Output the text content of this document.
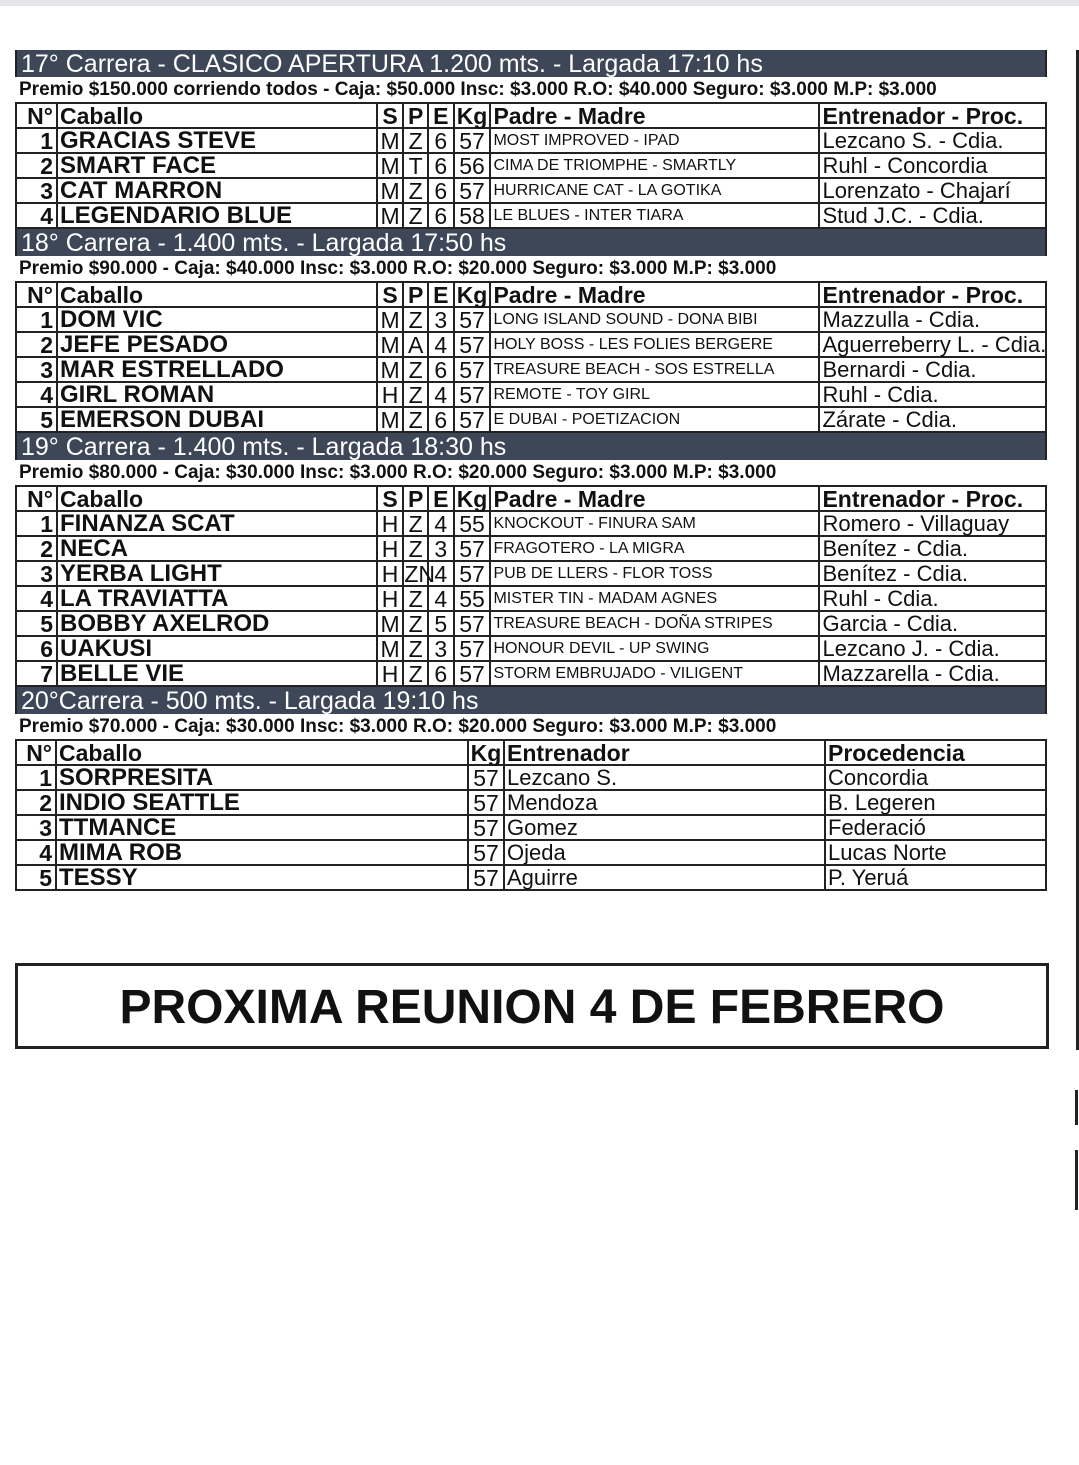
17° Carrera - CLASICO APERTURA 1.200 mts. - Largada 17:10 hs
Premio $150.000 corriendo todos - Caja: $50.000 Insc: $3.000 R.O: $40.000 Seguro: $3.000 M.P: $3.000
N°	Caballo	S	P	E	Kg	Padre - Madre	Entrenador - Proc.
1	GRACIAS STEVE	M	Z	6	57	MOST IMPROVED - IPAD	Lezcano S. - Cdia.
2	SMART FACE	M	T	6	56	CIMA DE TRIOMPHE - SMARTLY	Ruhl - Concordia
3	CAT MARRON	M	Z	6	57	HURRICANE CAT - LA GOTIKA	Lorenzato - Chajarí
4	LEGENDARIO BLUE	M	Z	6	58	LE BLUES - INTER TIARA	Stud J.C. - Cdia.
18° Carrera - 1.400 mts. - Largada 17:50 hs
Premio $90.000 - Caja: $40.000 Insc: $3.000 R.O: $20.000 Seguro: $3.000 M.P: $3.000
N°	Caballo	S	P	E	Kg	Padre - Madre	Entrenador - Proc.
1	DOM VIC	M	Z	3	57	LONG ISLAND SOUND - DONA BIBI	Mazzulla - Cdia.
2	JEFE PESADO	M	A	4	57	HOLY BOSS - LES FOLIES BERGERE	Aguerreberry L. - Cdia.
3	MAR ESTRELLADO	M	Z	6	57	TREASURE BEACH - SOS ESTRELLA	Bernardi - Cdia.
4	GIRL ROMAN	H	Z	4	57	REMOTE - TOY GIRL	Ruhl - Cdia.
5	EMERSON DUBAI	M	Z	6	57	E DUBAI - POETIZACION	Zárate - Cdia.
19° Carrera - 1.400 mts. - Largada 18:30 hs
Premio $80.000 - Caja: $30.000 Insc: $3.000 R.O: $20.000 Seguro: $3.000 M.P: $3.000
N°	Caballo	S	P	E	Kg	Padre - Madre	Entrenador - Proc.
1	FINANZA SCAT	H	Z	4	55	KNOCKOUT - FINURA SAM	Romero - Villaguay
2	NECA	H	Z	3	57	FRAGOTERO - LA MIGRA	Benítez - Cdia.
3	YERBA LIGHT	H	ZN	4	57	PUB DE LLERS - FLOR TOSS	Benítez - Cdia.
4	LA TRAVIATTA	H	Z	4	55	MISTER TIN - MADAM AGNES	Ruhl - Cdia.
5	BOBBY AXELROD	M	Z	5	57	TREASURE BEACH - DOÑA STRIPES	Garcia - Cdia.
6	UAKUSI	M	Z	3	57	HONOUR DEVIL - UP SWING	Lezcano J. - Cdia.
7	BELLE VIE	H	Z	6	57	STORM EMBRUJADO - VILIGENT	Mazzarella - Cdia.
20°Carrera - 500 mts. - Largada 19:10 hs
Premio $70.000 - Caja: $30.000 Insc: $3.000 R.O: $20.000 Seguro: $3.000 M.P: $3.000
N°	Caballo	Kg	Entrenador	Procedencia
1	SORPRESITA	57	Lezcano S.	Concordia
2	INDIO SEATTLE	57	Mendoza	B. Legeren
3	TTMANCE	57	Gomez	Federació
4	MIMA ROB	57	Ojeda	Lucas Norte
5	TESSY	57	Aguirre	P. Yeruá
PROXIMA REUNION 4 DE FEBRERO
